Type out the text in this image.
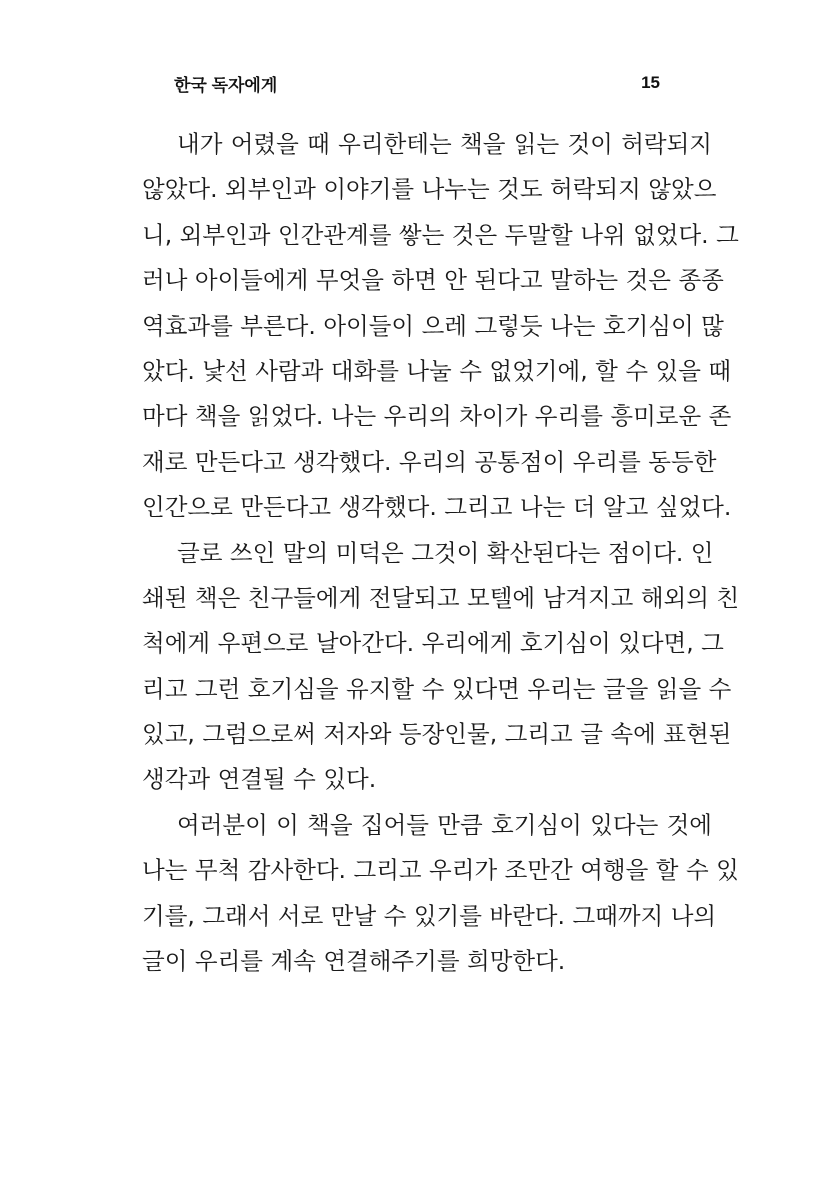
한국 독자에게	15
내가 어렸을 때 우리한테는 책을 읽는 것이 허락되지
않았다. 외부인과 이야기를 나누는 것도 허락되지 않았으
니, 외부인과 인간관계를 쌓는 것은 두말할 나위 없었다. 그
러나 아이들에게 무엇을 하면 안 된다고 말하는 것은 종종
역효과를 부른다. 아이들이 으레 그렇듯 나는 호기심이 많
았다. 낯선 사람과 대화를 나눌 수 없었기에, 할 수 있을 때
마다 책을 읽었다. 나는 우리의 차이가 우리를 흥미로운 존
재로 만든다고 생각했다. 우리의 공통점이 우리를 동등한
인간으로 만든다고 생각했다. 그리고 나는 더 알고 싶었다.
글로 쓰인 말의 미덕은 그것이 확산된다는 점이다. 인
쇄된 책은 친구들에게 전달되고 모텔에 남겨지고 해외의 친
척에게 우편으로 날아간다. 우리에게 호기심이 있다면, 그
리고 그런 호기심을 유지할 수 있다면 우리는 글을 읽을 수
있고, 그럼으로써 저자와 등장인물, 그리고 글 속에 표현된
생각과 연결될 수 있다.
여러분이 이 책을 집어들 만큼 호기심이 있다는 것에
나는 무척 감사한다. 그리고 우리가 조만간 여행을 할 수 있
기를, 그래서 서로 만날 수 있기를 바란다. 그때까지 나의
글이 우리를 계속 연결해주기를 희망한다.
